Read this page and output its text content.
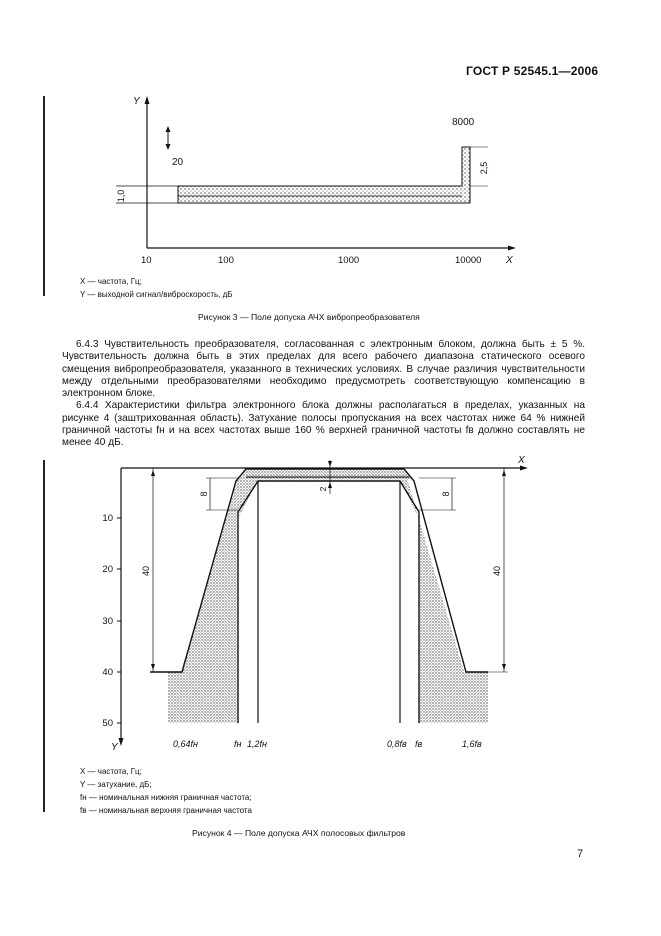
ГОСТ Р 52545.1—2006
Y
X
1,0
2,5
8000
20
10	100	1000	10000
X
Y
10
20
30
40
50
40	40
8	8
2
0,64fн	fн 1,2fн	0,8fв fв	1,6fв
X — частота, Гц;
Y — выходной сигнал/виброскорость, дБ
Рисунок 3 — Поле допуска АЧХ вибропреобразователя

6.4.3 Чувствительность преобразователя, согласованная с электронным блоком, должна быть ± 5 %. Чувствительность должна быть в этих пределах для всего рабочего диапазона статического осевого смещения вибропреобразователя, указанного в технических условиях. В случае различия чувствительности между отдельными преобразователями необходимо предусмотреть соответствующую компенсацию в электронном блоке.

6.4.4 Характеристики фильтра электронного блока должны располагаться в пределах, указанных на рисунке 4 (заштрихованная область). Затухание полосы пропускания на всех частотах ниже 64 % нижней граничной частоты fн и на всех частотах выше 160 % верхней граничной частоты fв должно составлять не менее 40 дБ.

X — частота, Гц;
Y — затухание, дБ;
fн — номинальная нижняя граничная частота;
fв — номинальная верхняя граничная частота
Рисунок 4 — Поле допуска АЧХ полосовых фильтров
7
